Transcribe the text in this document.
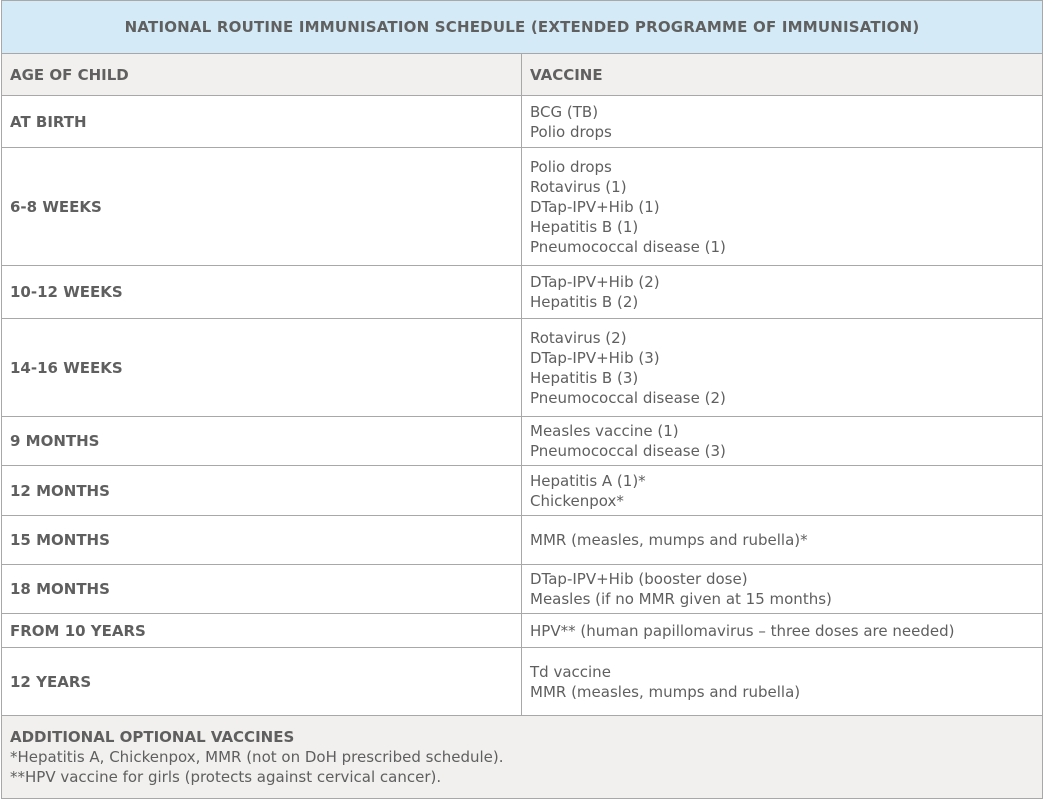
NATIONAL ROUTINE IMMUNISATION SCHEDULE (EXTENDED PROGRAMME OF IMMUNISATION)	
AGE OF CHILD	VACCINE
AT BIRTH	BCG (TB)
Polio drops

6-8 WEEKS	Polio drops
Rotavirus (1)
DTap-IPV+Hib (1)
Hepatitis B (1)
Pneumococcal disease (1)

10-12 WEEKS	DTap-IPV+Hib (2)
Hepatitis B (2)

14-16 WEEKS	Rotavirus (2)
DTap-IPV+Hib (3)
Hepatitis B (3)
Pneumococcal disease (2)

9 MONTHS	Measles vaccine (1)
Pneumococcal disease (3)

12 MONTHS	Hepatitis A (1)*
Chickenpox*

15 MONTHS	MMR (measles, mumps and rubella)*

18 MONTHS	DTap-IPV+Hib (booster dose)
Measles (if no MMR given at 15 months)

FROM 10 YEARS	HPV** (human papillomavirus – three doses are needed)

12 YEARS	Td vaccine
MMR (measles, mumps and rubella)

ADDITIONAL OPTIONAL VACCINES
*Hepatitis A, Chickenpox, MMR (not on DoH prescribed schedule).
**HPV vaccine for girls (protects against cervical cancer).	
